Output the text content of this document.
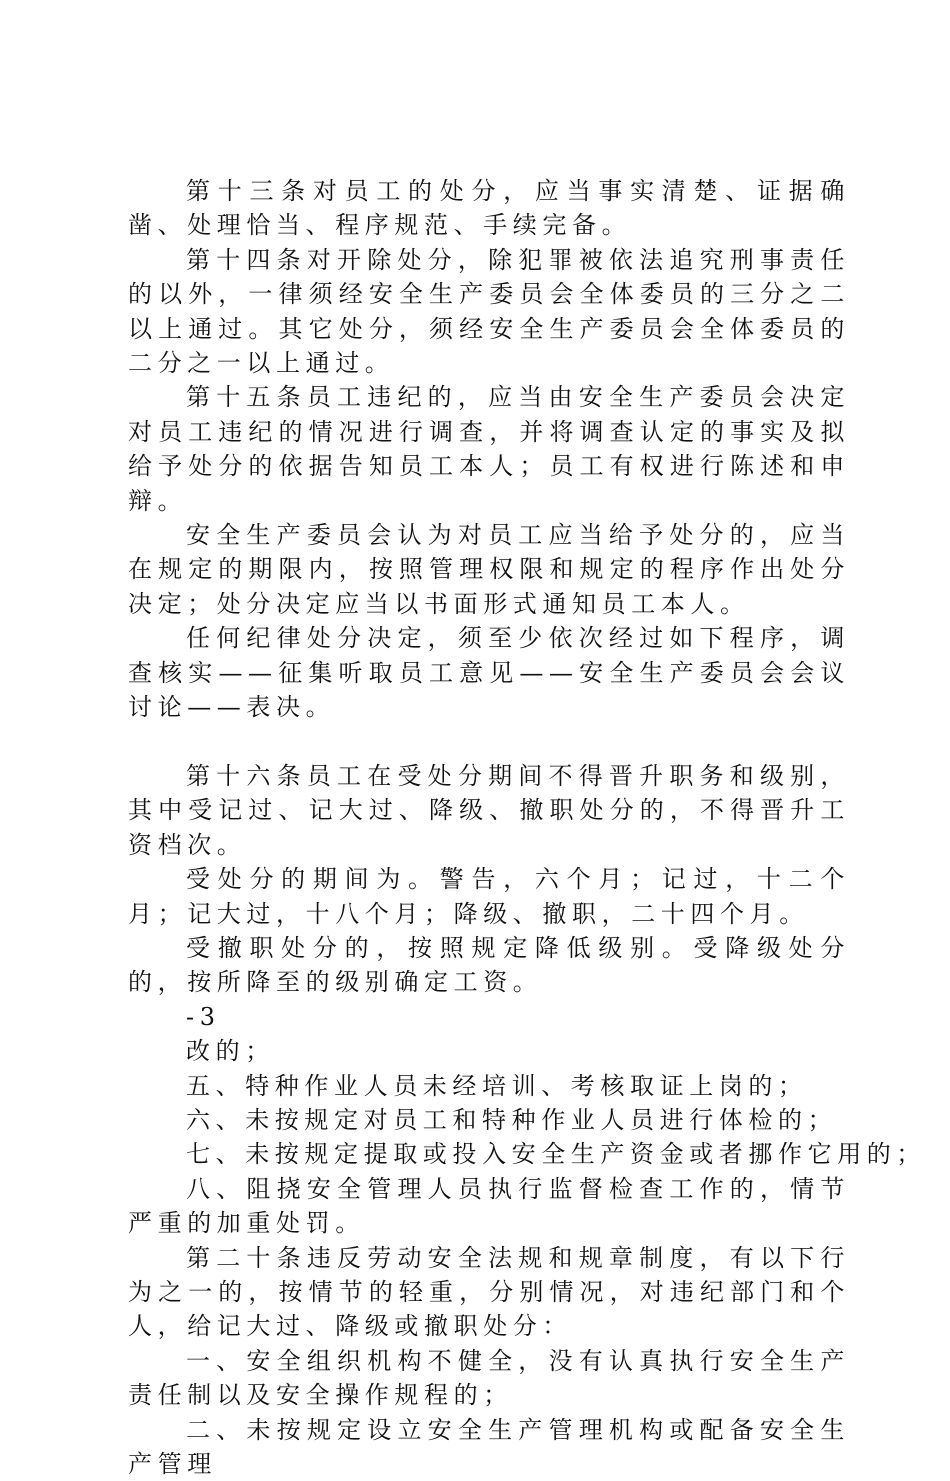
第十三条对员工的处分，应当事实清楚、证据确凿、处理恰当、程序规范、手续完备。

第十四条对开除处分，除犯罪被依法追究刑事责任的以外，一律须经安全生产委员会全体委员的三分之二以上通过。其它处分，须经安全生产委员会全体委员的二分之一以上通过。

第十五条员工违纪的，应当由安全生产委员会决定对员工违纪的情况进行调查，并将调查认定的事实及拟给予处分的依据告知员工本人；员工有权进行陈述和申辩。

安全生产委员会认为对员工应当给予处分的，应当在规定的期限内，按照管理权限和规定的程序作出处分决定；处分决定应当以书面形式通知员工本人。

任何纪律处分决定，须至少依次经过如下程序，调查核实——征集听取员工意见——安全生产委员会会议讨论——表决。

第十六条员工在受处分期间不得晋升职务和级别，其中受记过、记大过、降级、撤职处分的，不得晋升工资档次。

受处分的期间为。警告，六个月；记过，十二个月；记大过，十八个月；降级、撤职，二十四个月。

受撤职处分的，按照规定降低级别。受降级处分的，按所降至的级别确定工资。

-3

改的；

五、特种作业人员未经培训、考核取证上岗的；

六、未按规定对员工和特种作业人员进行体检的；

七、未按规定提取或投入安全生产资金或者挪作它用的；

八、阻挠安全管理人员执行监督检查工作的，情节严重的加重处罚。

第二十条违反劳动安全法规和规章制度，有以下行为之一的，按情节的轻重，分别情况，对违纪部门和个人，给记大过、降级或撤职处分：

一、安全组织机构不健全，没有认真执行安全生产责任制以及安全操作规程的；

二、未按规定设立安全生产管理机构或配备安全生产管理
